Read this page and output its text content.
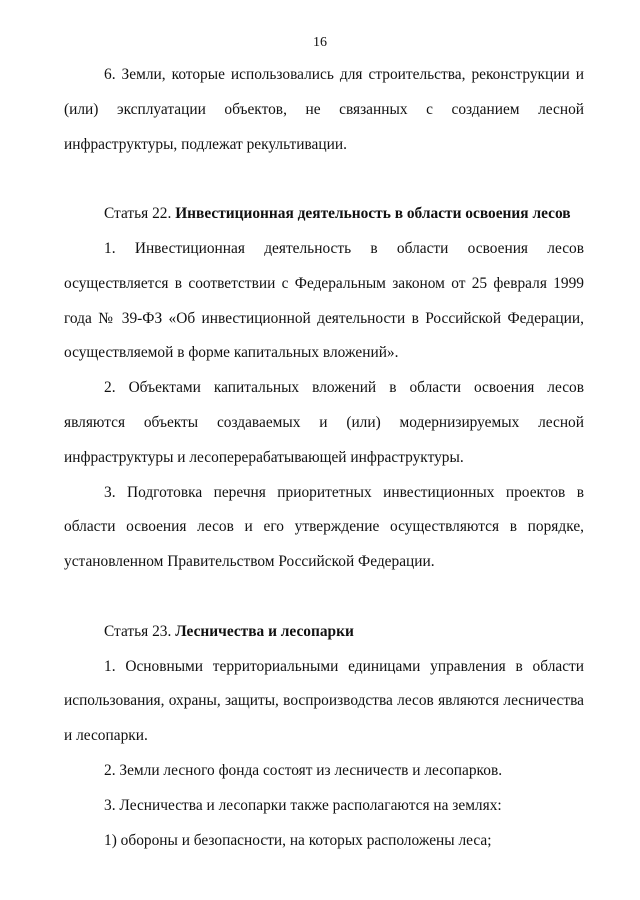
16

6. Земли, которые использовались для строительства, реконструкции и (или) эксплуатации объектов, не связанных с созданием лесной инфраструктуры, подлежат рекультивации.

Статья 22. Инвестиционная деятельность в области освоения лесов

1. Инвестиционная деятельность в области освоения лесов осуществляется в соответствии с Федеральным законом от 25 февраля 1999 года № 39-ФЗ «Об инвестиционной деятельности в Российской Федерации, осуществляемой в форме капитальных вложений».

2. Объектами капитальных вложений в области освоения лесов являются объекты создаваемых и (или) модернизируемых лесной инфраструктуры и лесоперерабатывающей инфраструктуры.

3. Подготовка перечня приоритетных инвестиционных проектов в области освоения лесов и его утверждение осуществляются в порядке, установленном Правительством Российской Федерации.

Статья 23. Лесничества и лесопарки

1. Основными территориальными единицами управления в области использования, охраны, защиты, воспроизводства лесов являются лесничества и лесопарки.

2. Земли лесного фонда состоят из лесничеств и лесопарков.

3. Лесничества и лесопарки также располагаются на землях:

1) обороны и безопасности, на которых расположены леса;
